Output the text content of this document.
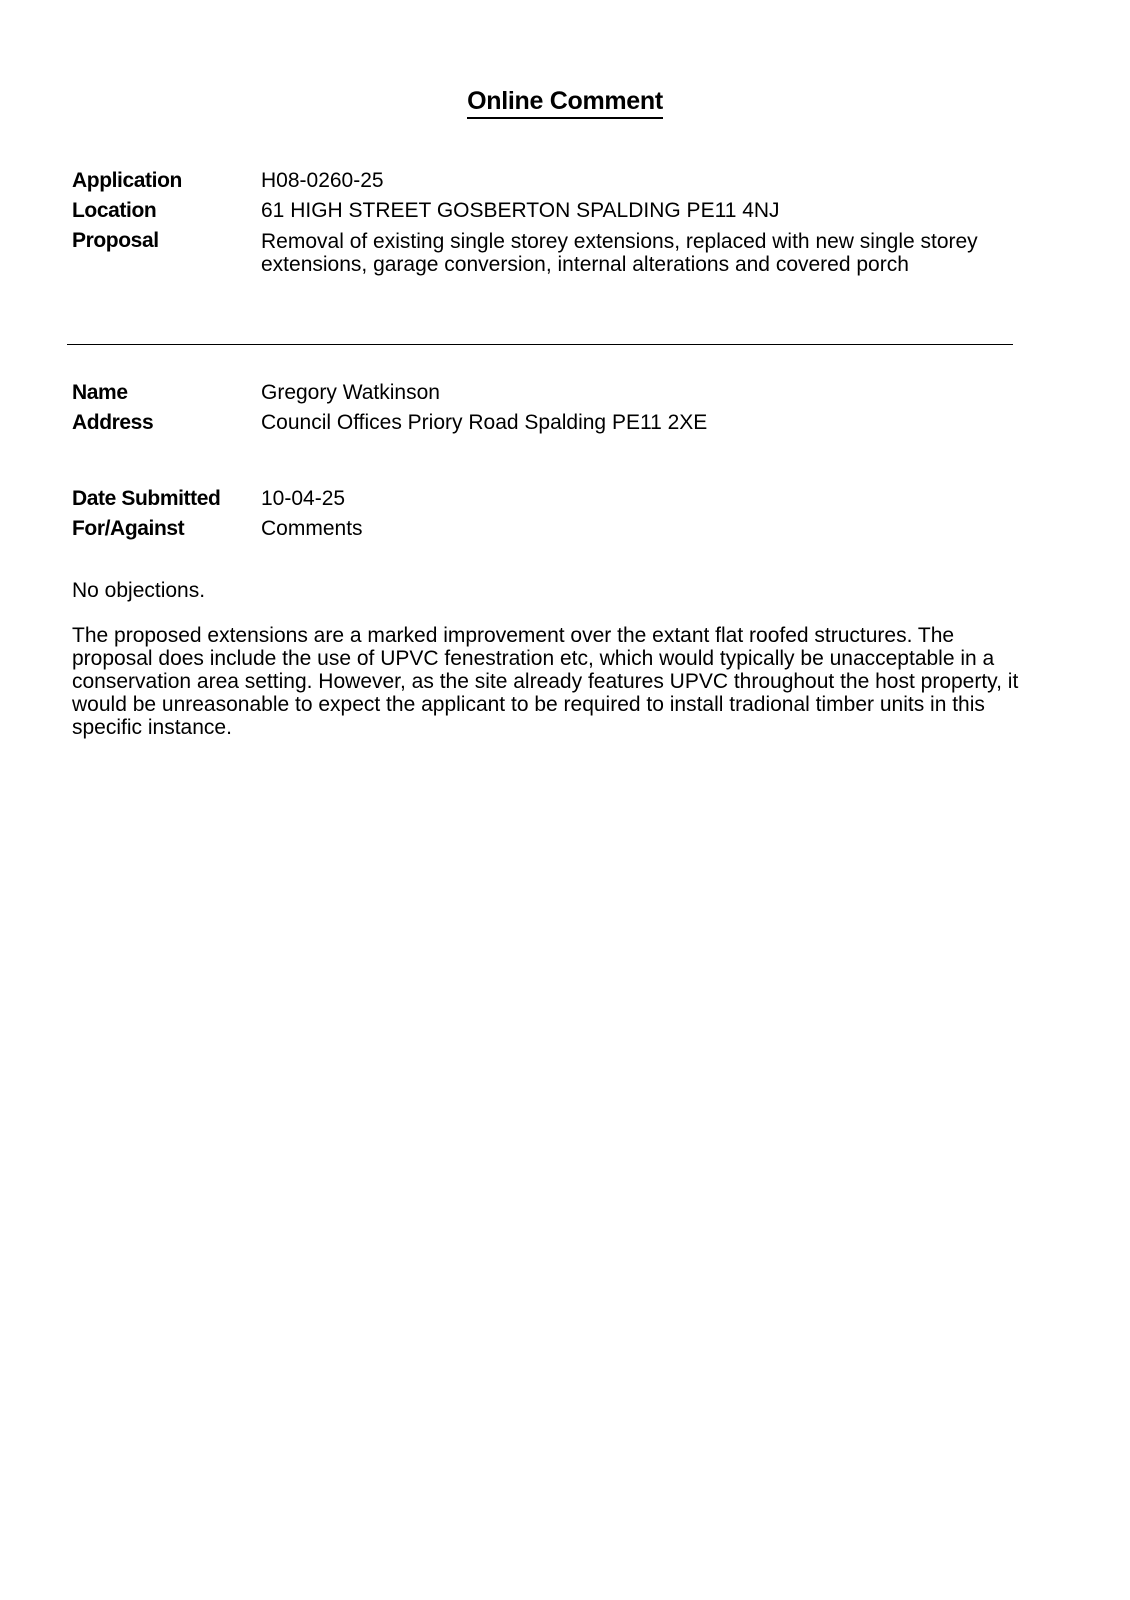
Online Comment
Application	H08-0260-25
Location	61 HIGH STREET GOSBERTON SPALDING PE11 4NJ
Proposal	Removal of existing single storey extensions, replaced with new single storey extensions, garage conversion, internal alterations and covered porch
Name	Gregory Watkinson
Address	Council Offices Priory Road Spalding PE11 2XE
Date Submitted	10-04-25
For/Against	Comments
No objections.
The proposed extensions are a marked improvement over the extant flat roofed structures. The proposal does include the use of UPVC fenestration etc, which would typically be unacceptable in a conservation area setting. However, as the site already features UPVC throughout the host property, it would be unreasonable to expect the applicant to be required to install tradional timber units in this specific instance.
